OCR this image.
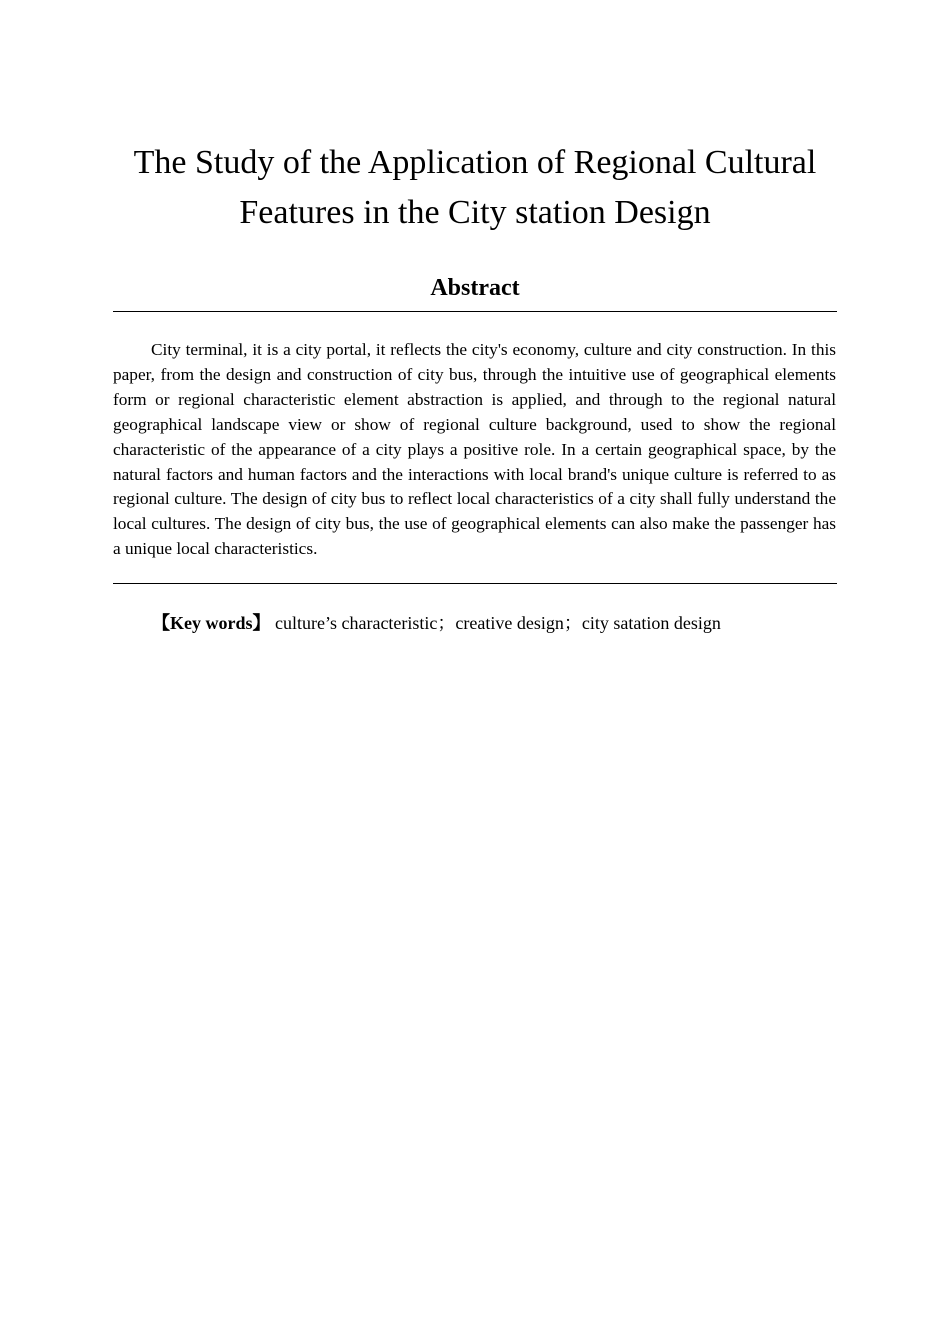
The Study of the Application of Regional Cultural Features in the City station Design
Abstract

City terminal, it is a city portal, it reflects the city's economy, culture and city construction. In this paper, from the design and construction of city bus, through the intuitive use of geographical elements form or regional characteristic element abstraction is applied, and through to the regional natural geographical landscape view or show of regional culture background, used to show the regional characteristic of the appearance of a city plays a positive role. In a certain geographical space, by the natural factors and human factors and the interactions with local brand's unique culture is referred to as regional culture. The design of city bus to reflect local characteristics of a city shall fully understand the local cultures. The design of city bus, the use of geographical elements can also make the passenger has a unique local characteristics.

【Key words】 culture’s characteristic；creative design；city satation design
